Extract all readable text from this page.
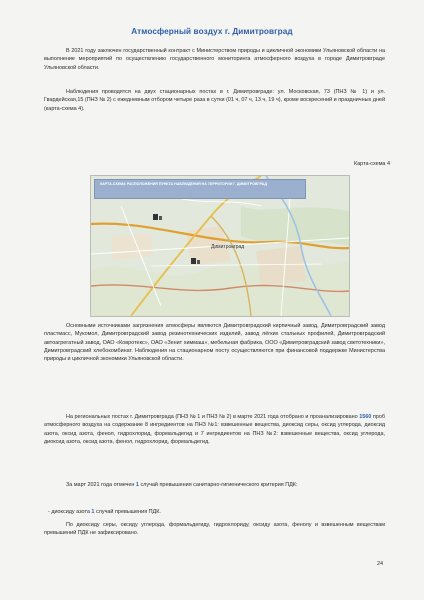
Атмосферный воздух г. Димитровград

В 2021 году заключен государственный контракт с Министерством природы и цикличной экономики Ульяновской области на выполнение мероприятий по осуществлению государственного мониторинга атмосферного воздуха в городе Димитровграде Ульяновской области.

Наблюдения проводятся на двух стационарных постах в г. Димитровграде: ул. Московская, 73 (ПНЗ № 1) и ул. Гвардейская,15 (ПНЗ № 2) с ежедневным отбором четыре раза в сутки (01 ч, 07 ч, 13 ч, 19 ч), кроме воскресений и праздничных дней (карта-схема 4).

Карта-схема 4
Димитровград
КАРТА-СХЕМА РАСПОЛОЖЕНИЯ ПУНКТА НАБЛЮДЕНИЯ НА ТЕРРИТОРИИ Г. ДИМИТРОВГРАД

Основными источниками загрязнения атмосферы являются Димитровградский кирпичный завод, Димитровградский завод пластмасс, Мукомол, Димитровградский завод резинотехнических изделий, завод лёгких стальных профилей, Димитровградский автоагрегатный завод, ОАО «Ковротекс», ОАО «Зенит химмаш», мебельная фабрика, ООО «Димитровградский завод светотехники», Димитровградский хлебокомбинат. Наблюдения на стационарном посту осуществляются при финансовой поддержке Министерства природы и цикличной экономики Ульяновской области.

На региональных постах г. Димитровграда (ПНЗ № 1 и ПНЗ № 2) в марте 2021 года отобрано и проанализировано 1560 проб атмосферного воздуха на содержание 8 ингредиентов на ПНЗ №1: взвешенные вещества, диоксид серы, оксид углерода, диоксид азота, оксид азота, фенол, гидрохлорид, формальдегид и 7 ингредиентов на ПНЗ №2: взвешенные вещества, оксид углерода, диоксид азота, оксид азота, фенол, гидрохлорид, формальдегид.

За март 2021 года отмечен 1 случай превышения санитарно-гигиенического критерия ПДК:

- диоксиду азота 1 случай превышения ПДК.

По диоксиду серы, оксиду углерода, формальдегиду, гидрохлориду, оксиду азота, фенолу и взвешенным веществам превышений ПДК не зафиксировано.

24
